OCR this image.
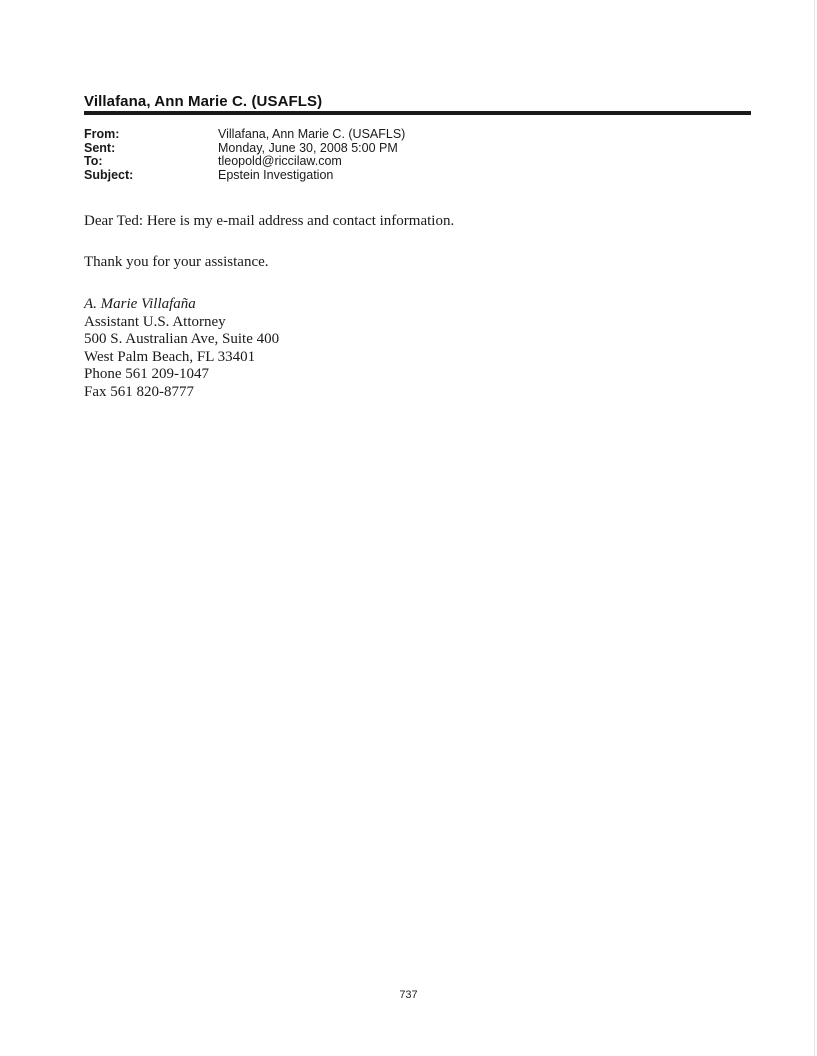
Villafana, Ann Marie C. (USAFLS)
From:	Villafana, Ann Marie C. (USAFLS)
Sent:	Monday, June 30, 2008 5:00 PM
To:	tleopold@riccilaw.com
Subject:	Epstein Investigation
Dear Ted: Here is my e-mail address and contact information.
Thank you for your assistance.
A. Marie Villafaña
Assistant U.S. Attorney
500 S. Australian Ave, Suite 400
West Palm Beach, FL 33401
Phone 561 209-1047
Fax 561 820-8777
737
